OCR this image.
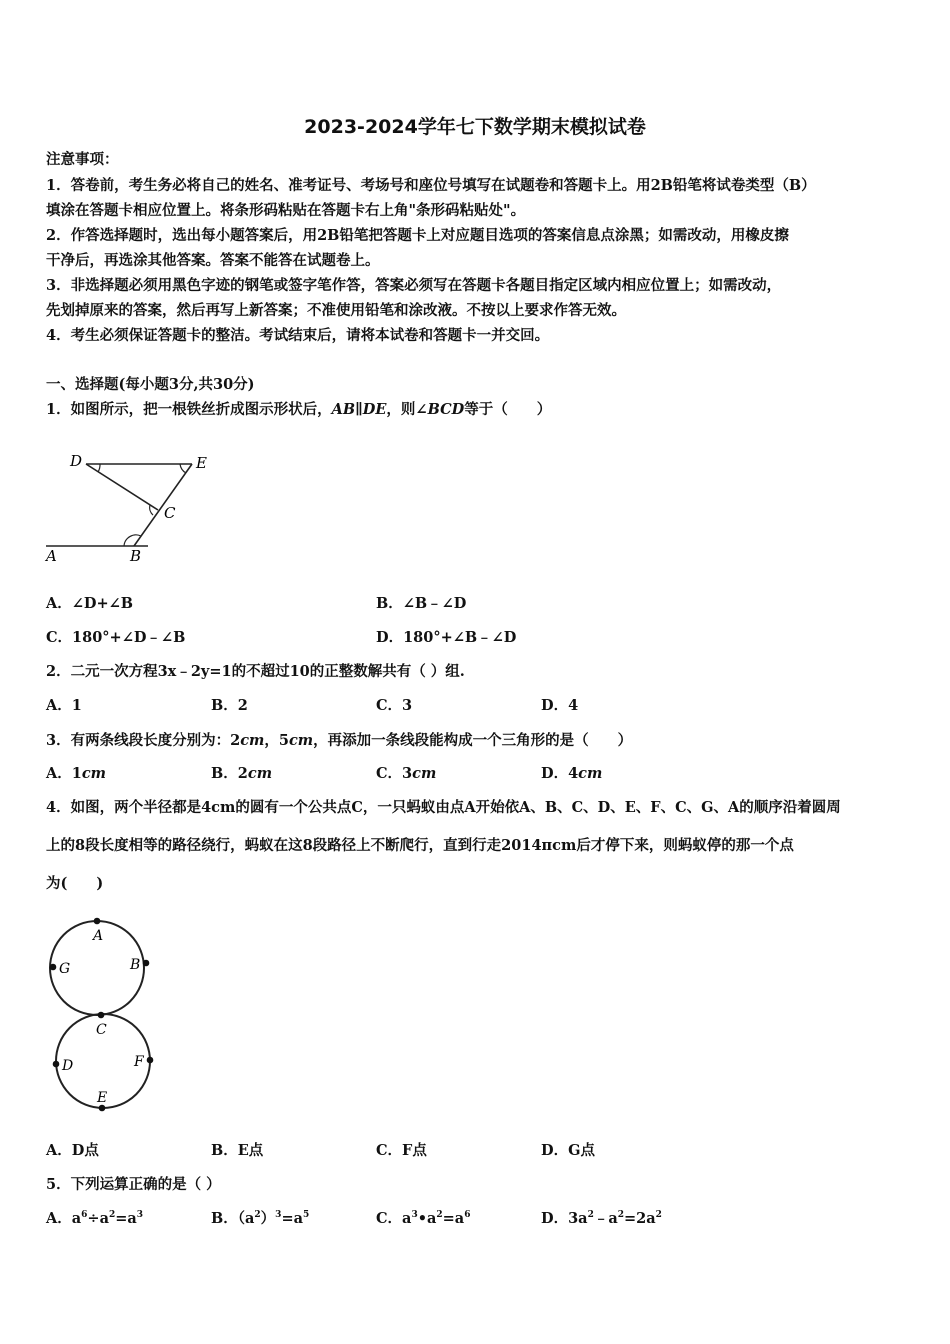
2023-2024学年七下数学期末模拟试卷
注意事项：
1．答卷前，考生务必将自己的姓名、准考证号、考场号和座位号填写在试题卷和答题卡上。用2B铅笔将试卷类型（B）
填涂在答题卡相应位置上。将条形码粘贴在答题卡右上角"条形码粘贴处"。
2．作答选择题时，选出每小题答案后，用2B铅笔把答题卡上对应题目选项的答案信息点涂黑；如需改动，用橡皮擦
干净后，再选涂其他答案。答案不能答在试题卷上。
3．非选择题必须用黑色字迹的钢笔或签字笔作答，答案必须写在答题卡各题目指定区域内相应位置上；如需改动，
先划掉原来的答案，然后再写上新答案；不准使用铅笔和涂改液。不按以上要求作答无效。
4．考生必须保证答题卡的整洁。考试结束后，请将本试卷和答题卡一并交回。
一、选择题(每小题3分,共30分)
1．如图所示，把一根铁丝折成图示形状后，AB∥DE，则∠BCD等于（　　）
D	E
C
A	B
A．∠D+∠B	B．∠B﹣∠D
C．180°+∠D﹣∠B	D．180°+∠B﹣∠D
2．二元一次方程3x﹣2y=1的不超过10的正整数解共有（ ）组.
A．1	B．2	C．3	D．4
3．有两条线段长度分别为：2cm，5cm，再添加一条线段能构成一个三角形的是（　　）
A．1cm	B．2cm	C．3cm	D．4cm
4．如图，两个半径都是4cm的圆有一个公共点C，一只蚂蚁由点A开始依A、B、C、D、E、F、C、G、A的顺序沿着圆周
上的8段长度相等的路径绕行，蚂蚁在这8段路径上不断爬行，直到行走2014πcm后才停下来，则蚂蚁停的那一个点
为(　　)
A
B
G
C
D	F
E
A．D点	B．E点	C．F点	D．G点
5．下列运算正确的是（ ）
A．$a^6\div a^2=a^3$	B．$(a^2)^3=a^5$	C．$a^3•a^2=a^6$	D．$3a^2﹣a^2=2a^2$
